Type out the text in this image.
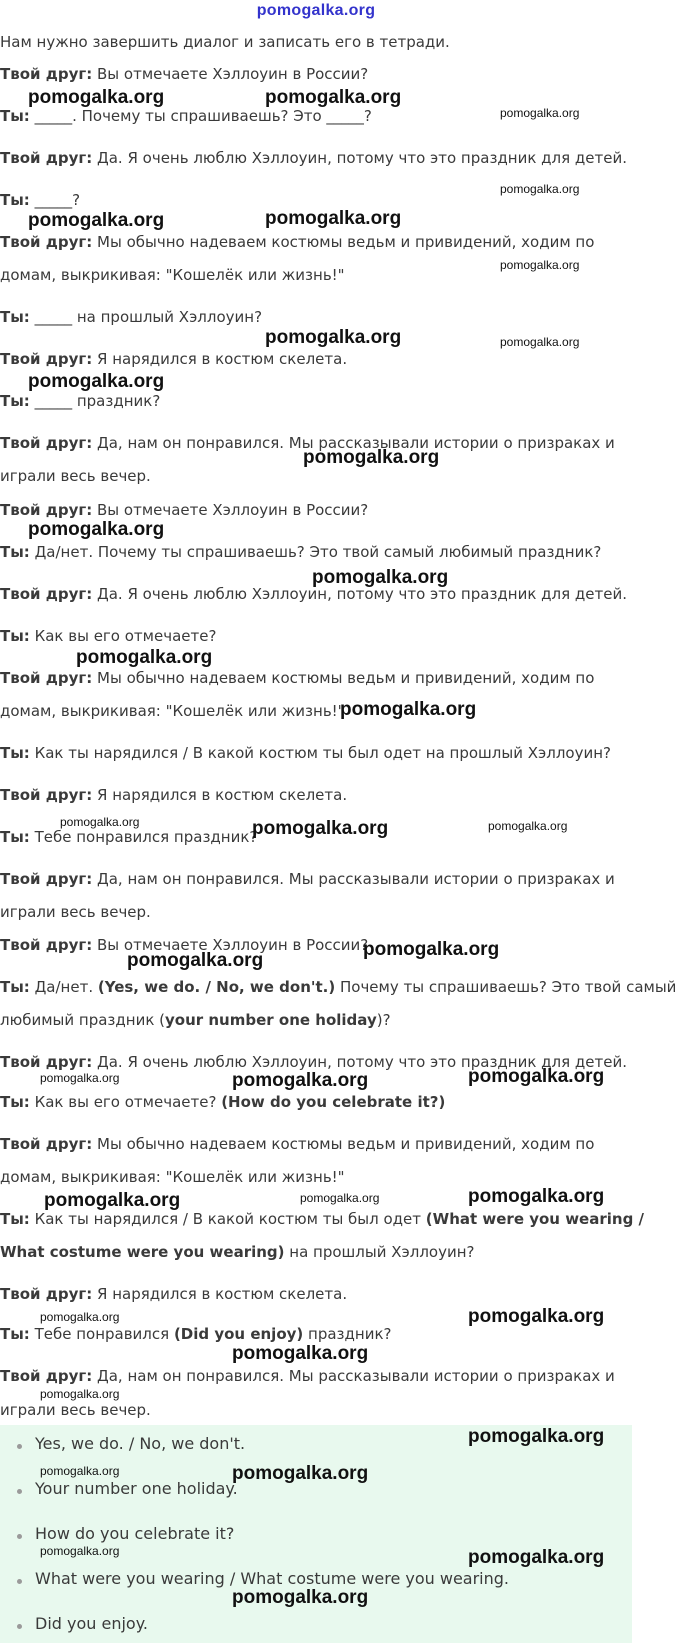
pomogalka.org

Нам нужно завершить диалог и записать его в тетради.

Твой друг: Вы отмечаете Хэллоуин в России?

Ты: _____. Почему ты спрашиваешь? Это _____?

Твой друг: Да. Я очень люблю Хэллоуин, потому что это праздник для детей.

Ты: _____?

Твой друг: Мы обычно надеваем костюмы ведьм и привидений, ходим по

домам, выкрикивая: "Кошелёк или жизнь!"

Ты: _____ на прошлый Хэллоуин?

Твой друг: Я нарядился в костюм скелета.

Ты: _____ праздник?

Твой друг: Да, нам он понравился. Мы рассказывали истории о призраках и

играли весь вечер.

Твой друг: Вы отмечаете Хэллоуин в России?

Ты: Да/нет. Почему ты спрашиваешь? Это твой самый любимый праздник?

Твой друг: Да. Я очень люблю Хэллоуин, потому что это праздник для детей.

Ты: Как вы его отмечаете?

Твой друг: Мы обычно надеваем костюмы ведьм и привидений, ходим по

домам, выкрикивая: "Кошелёк или жизнь!"

Ты: Как ты нарядился / В какой костюм ты был одет на прошлый Хэллоуин?

Твой друг: Я нарядился в костюм скелета.

Ты: Тебе понравился праздник?

Твой друг: Да, нам он понравился. Мы рассказывали истории о призраках и

играли весь вечер.

Твой друг: Вы отмечаете Хэллоуин в России?

Ты: Да/нет. (Yes, we do. / No, we don't.) Почему ты спрашиваешь? Это твой самый

любимый праздник (your number one holiday)?

Твой друг: Да. Я очень люблю Хэллоуин, потому что это праздник для детей.

Ты: Как вы его отмечаете? (How do you celebrate it?)

Твой друг: Мы обычно надеваем костюмы ведьм и привидений, ходим по

домам, выкрикивая: "Кошелёк или жизнь!"

Ты: Как ты нарядился / В какой костюм ты был одет (What were you wearing /

What costume were you wearing) на прошлый Хэллоуин?

Твой друг: Я нарядился в костюм скелета.

Ты: Тебе понравился (Did you enjoy) праздник?

Твой друг: Да, нам он понравился. Мы рассказывали истории о призраках и

играли весь вечер.

Yes, we do. / No, we don't.
Your number one holiday.
How do you celebrate it?
What were you wearing / What costume were you wearing.
Did you enjoy.
pomogalka.org	pomogalka.org
pomogalka.org
pomogalka.org
pomogalka.org	pomogalka.org
pomogalka.org
pomogalka.org	pomogalka.org
pomogalka.org
pomogalka.org
pomogalka.org
pomogalka.org
pomogalka.org
pomogalka.org
pomogalka.org	pomogalka.org	pomogalka.org
pomogalka.org
pomogalka.org
pomogalka.org	pomogalka.org	pomogalka.org
pomogalka.org	pomogalka.org	pomogalka.org
pomogalka.org	pomogalka.org
pomogalka.org
pomogalka.org
pomogalka.org
pomogalka.org	pomogalka.org
pomogalka.org	pomogalka.org
pomogalka.org
